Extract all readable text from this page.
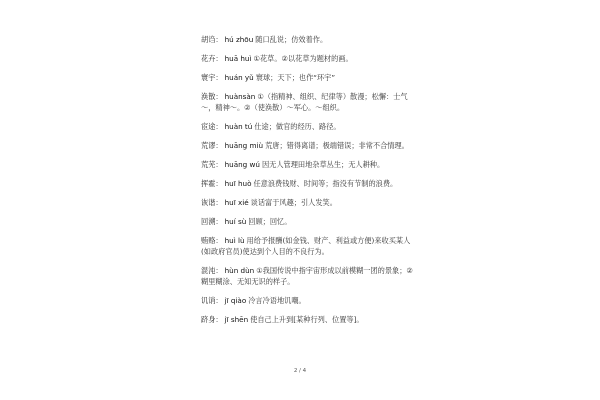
胡诌： hú zhōu 随口乱说；仿效着作。

花卉： huā huì ①花草。②以花草为题材的画。

寰宇： huán yǔ 寰球；天下；也作“环宇”

涣散： huànsàn ①（指精神、组织、纪律等）散漫；松懈：士气～，精神～。②（使涣散）～军心。～组织。

宦途： huàn tú 仕途；做官的经历、路径。

荒谬： huāng miù 荒唐；错得离谱；极端错误；非常不合情理。

荒芜： huāng wú 因无人管理田地杂草丛生；无人耕种。

挥霍： huī huò 任意浪费钱财、时间等；指没有节制的浪费。

诙谐： huī xié 谈话富于风趣；引人发笑。

回溯： huí sù 回顾；回忆。

贿赂： huì lù 用给予报酬(如金钱、财产、利益或方便)来收买某人(如政府官员)使达到个人目的不良行为。

混沌： hùn dùn ①我国传说中指宇宙形成以前模糊一团的景象；②糊里糊涂、无知无识的样子。

讥诮： jī qiào 冷言冷语地讥嘲。

跻身： jī shēn 使自己上升到[某种行列、位置等]。

2 / 4
